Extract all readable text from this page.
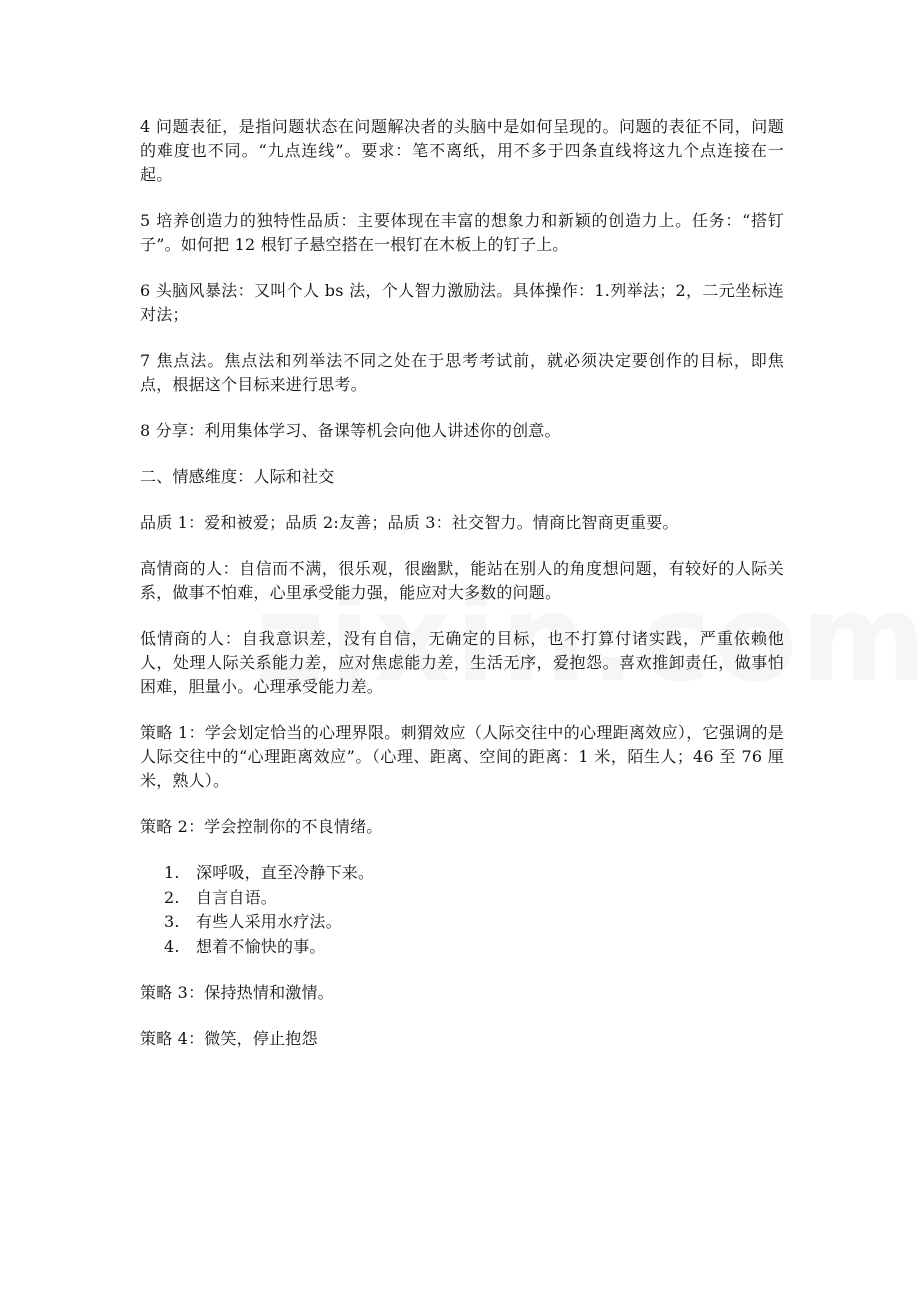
4 问题表征，是指问题状态在问题解决者的头脑中是如何呈现的。问题的表征不同，问题的难度也不同。“九点连线”。要求：笔不离纸，用不多于四条直线将这九个点连接在一起。

5 培养创造力的独特性品质：主要体现在丰富的想象力和新颖的创造力上。任务：“搭钉子”。如何把 12 根钉子悬空搭在一根钉在木板上的钉子上。

6 头脑风暴法：又叫个人 bs 法，个人智力激励法。具体操作：1.列举法；2，二元坐标连对法；

7 焦点法。焦点法和列举法不同之处在于思考考试前，就必须决定要创作的目标，即焦点，根据这个目标来进行思考。

8 分享：利用集体学习、备课等机会向他人讲述你的创意。

二、情感维度：人际和社交

品质 1：爱和被爱；品质 2:友善；品质 3：社交智力。情商比智商更重要。

高情商的人：自信而不满，很乐观，很幽默，能站在别人的角度想问题，有较好的人际关系，做事不怕难，心里承受能力强，能应对大多数的问题。

低情商的人：自我意识差，没有自信，无确定的目标，也不打算付诸实践，严重依赖他人，处理人际关系能力差，应对焦虑能力差，生活无序，爱抱怨。喜欢推卸责任，做事怕困难，胆量小。心理承受能力差。

策略 1：学会划定恰当的心理界限。刺猬效应（人际交往中的心理距离效应），它强调的是人际交往中的“心理距离效应”。（心理、距离、空间的距离：1 米，陌生人；46 至 76 厘米，熟人）。

策略 2：学会控制你的不良情绪。

1.	深呼吸，直至冷静下来。
2.	自言自语。
3.	有些人采用水疗法。
4.	想着不愉快的事。

策略 3：保持热情和激情。

策略 4：微笑，停止抱怨
